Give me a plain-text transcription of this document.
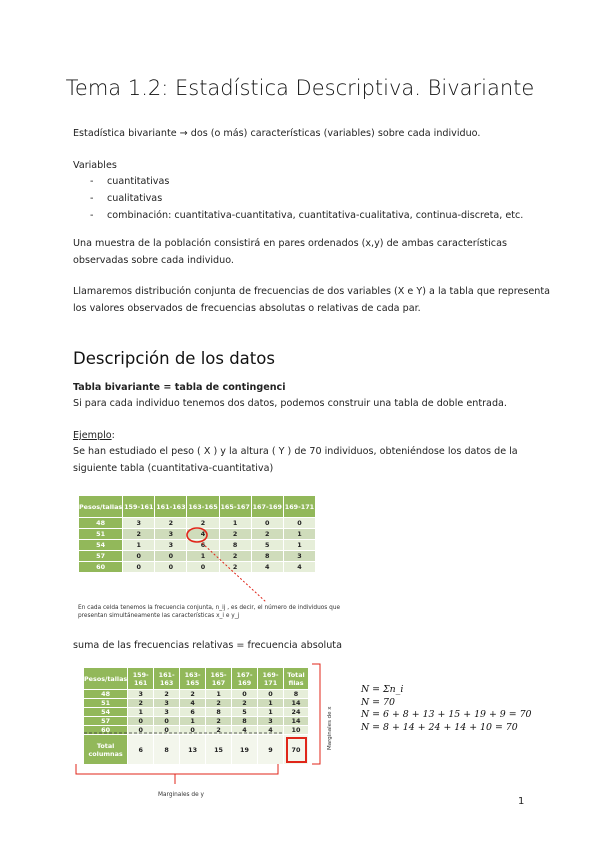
Tema 1.2: Estadística Descriptiva. Bivariante
Estadística bivariante → dos (o más) características (variables) sobre cada individuo.
Variables
- cuantitativas
- cualitativas
- combinación: cuantitativa-cuantitativa, cuantitativa-cualitativa, continua-discreta, etc.
Una muestra de la población consistirá en pares ordenados (x,y) de ambas características
observadas sobre cada individuo.
Llamaremos distribución conjunta de frecuencias de dos variables (X e Y) a la tabla que representa
los valores observados de frecuencias absolutas o relativas de cada par.
Descripción de los datos
Tabla bivariante = tabla de contingenci
Si para cada individuo tenemos dos datos, podemos construir una tabla de doble entrada.
Ejemplo:
Se han estudiado el peso ( X ) y la altura ( Y ) de 70 individuos, obteniéndose los datos de la
siguiente tabla (cuantitativa-cuantitativa)
Pesos/tallas	159-161	161-163	163-165	165-167	167-169	169-171
48	3	2	2	1	0	0
51	2	3	4	2	2	1
54	1	3	6	8	5	1
57	0	0	1	2	8	3
60	0	0	0	2	4	4
En cada celda tenemos la frecuencia conjunta, n_ij , es decir, el número de individuos que
presentan simultáneamente las características x_i e y_j
suma de las frecuencias relativas = frecuencia absoluta
Pesos/tallas	159-161	161-163	163-165	165-167	167-169	169-171	Total filas
48	3	2	2	1	0	0	8
51	2	3	4	2	2	1	14
54	1	3	6	8	5	1	24
57	0	0	1	2	8	3	14
60	0	0	0	2	4	4	10
Total columnas	6	8	13	15	19	9	70	Marginales de x
Marginales de y
N = Σn_i
N = 70
N = 6 + 8 + 13 + 15 + 19 + 9 = 70
N = 8 + 14 + 24 + 14 + 10 = 70
1
